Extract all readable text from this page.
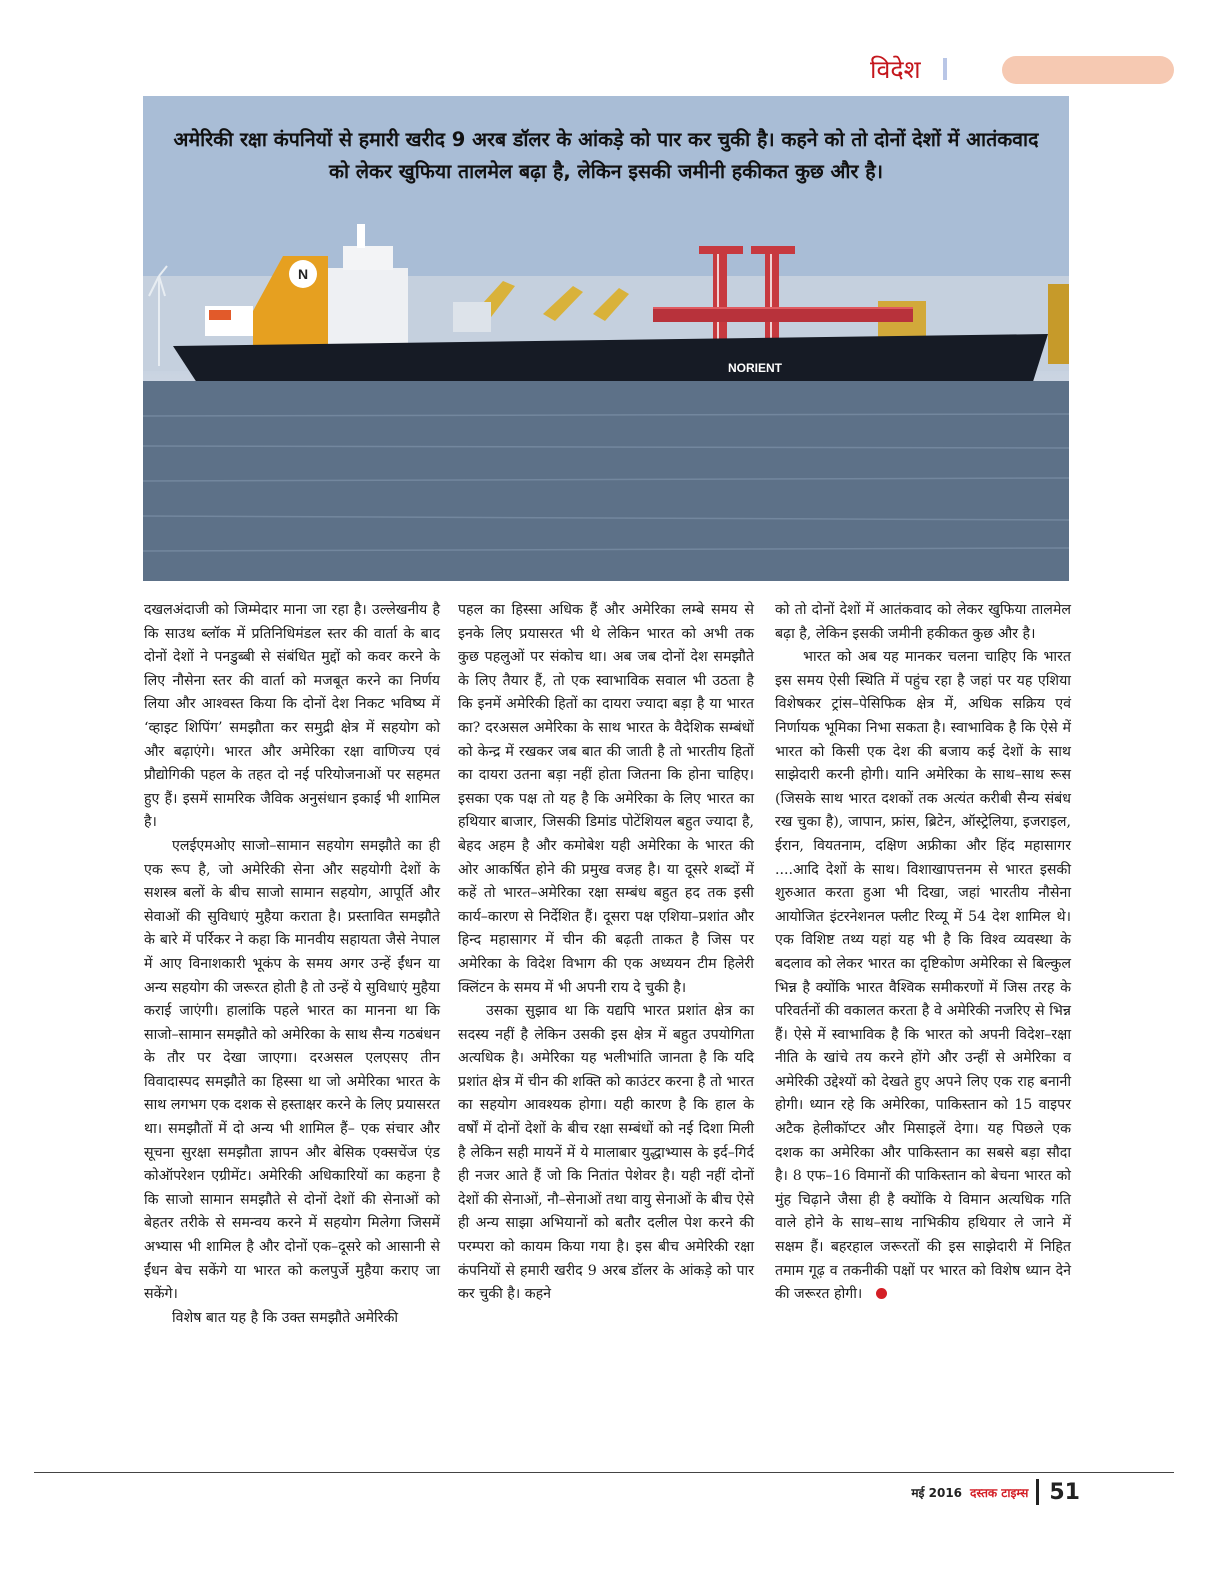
विदेश
N
NORIENT

अमेरिकी रक्षा कंपनियों से हमारी खरीद 9 अरब डॉलर के आंकड़े को पार कर चुकी है। कहने को तो दोनों देशों में आतंकवाद को लेकर खुफिया तालमेल बढ़ा है, लेकिन इसकी जमीनी हकीकत कुछ और है।

दखलअंदाजी को जिम्मेदार माना जा रहा है। उल्लेखनीय है कि साउथ ब्लॉक में प्रतिनिधिमंडल स्तर की वार्ता के बाद दोनों देशों ने पनडुब्बी से संबंधित मुद्दों को कवर करने के लिए नौसेना स्तर की वार्ता को मजबूत करने का निर्णय लिया और आश्वस्त किया कि दोनों देश निकट भविष्य में ‘व्हाइट शिपिंग’ समझौता कर समुद्री क्षेत्र में सहयोग को और बढ़ाएंगे। भारत और अमेरिका रक्षा वाणिज्य एवं प्रौद्योगिकी पहल के तहत दो नई परियोजनाओं पर सहमत हुए हैं। इसमें सामरिक जैविक अनुसंधान इकाई भी शामिल है।

एलईएमओए साजो–सामान सहयोग समझौते का ही एक रूप है, जो अमेरिकी सेना और सहयोगी देशों के सशस्त्र बलों के बीच साजो सामान सहयोग, आपूर्ति और सेवाओं की सुविधाएं मुहैया कराता है। प्रस्तावित समझौते के बारे में पर्रिकर ने कहा कि मानवीय सहायता जैसे नेपाल में आए विनाशकारी भूकंप के समय अगर उन्हें ईंधन या अन्य सहयोग की जरूरत होती है तो उन्हें ये सुविधाएं मुहैया कराई जाएंगी। हालांकि पहले भारत का मानना था कि साजो–सामान समझौते को अमेरिका के साथ सैन्य गठबंधन के तौर पर देखा जाएगा। दरअसल एलएसए तीन विवादास्पद समझौते का हिस्सा था जो अमेरिका भारत के साथ लगभग एक दशक से हस्ताक्षर करने के लिए प्रयासरत था। समझौतों में दो अन्य भी शामिल हैं– एक संचार और सूचना सुरक्षा समझौता ज्ञापन और बेसिक एक्सचेंज एंड कोऑपरेशन एग्रीमेंट। अमेरिकी अधिकारियों का कहना है कि साजो सामान समझौते से दोनों देशों की सेनाओं को बेहतर तरीके से समन्वय करने में सहयोग मिलेगा जिसमें अभ्यास भी शामिल है और दोनों एक–दूसरे को आसानी से ईंधन बेच सकेंगे या भारत को कलपुर्जे मुहैया कराए जा सकेंगे।

विशेष बात यह है कि उक्त समझौते अमेरिकी

पहल का हिस्सा अधिक हैं और अमेरिका लम्बे समय से इनके लिए प्रयासरत भी थे लेकिन भारत को अभी तक कुछ पहलुओं पर संकोच था। अब जब दोनों देश समझौते के लिए तैयार हैं, तो एक स्वाभाविक सवाल भी उठता है कि इनमें अमेरिकी हितों का दायरा ज्यादा बड़ा है या भारत का? दरअसल अमेरिका के साथ भारत के वैदेशिक सम्बंधों को केन्द्र में रखकर जब बात की जाती है तो भारतीय हितों का दायरा उतना बड़ा नहीं होता जितना कि होना चाहिए। इसका एक पक्ष तो यह है कि अमेरिका के लिए भारत का हथियार बाजार, जिसकी डिमांड पोटेंशियल बहुत ज्यादा है, बेहद अहम है और कमोबेश यही अमेरिका के भारत की ओर आकर्षित होने की प्रमुख वजह है। या दूसरे शब्दों में कहें तो भारत–अमेरिका रक्षा सम्बंध बहुत हद तक इसी कार्य–कारण से निर्देशित हैं। दूसरा पक्ष एशिया–प्रशांत और हिन्द महासागर में चीन की बढ़ती ताकत है जिस पर अमेरिका के विदेश विभाग की एक अध्ययन टीम हिलेरी क्लिंटन के समय में भी अपनी राय दे चुकी है।

उसका सुझाव था कि यद्यपि भारत प्रशांत क्षेत्र का सदस्य नहीं है लेकिन उसकी इस क्षेत्र में बहुत उपयोगिता अत्यधिक है। अमेरिका यह भलीभांति जानता है कि यदि प्रशांत क्षेत्र में चीन की शक्ति को काउंटर करना है तो भारत का सहयोग आवश्यक होगा। यही कारण है कि हाल के वर्षों में दोनों देशों के बीच रक्षा सम्बंधों को नई दिशा मिली है लेकिन सही मायनें में ये मालाबार युद्धाभ्यास के इर्द–गिर्द ही नजर आते हैं जो कि नितांत पेशेवर है। यही नहीं दोनों देशों की सेनाओं, नौ–सेनाओं तथा वायु सेनाओं के बीच ऐसे ही अन्य साझा अभियानों को बतौर दलील पेश करने की परम्परा को कायम किया गया है। इस बीच अमेरिकी रक्षा कंपनियों से हमारी खरीद 9 अरब डॉलर के आंकड़े को पार कर चुकी है। कहने

को तो दोनों देशों में आतंकवाद को लेकर खुफिया तालमेल बढ़ा है, लेकिन इसकी जमीनी हकीकत कुछ और है।

भारत को अब यह मानकर चलना चाहिए कि भारत इस समय ऐसी स्थिति में पहुंच रहा है जहां पर यह एशिया विशेषकर ट्रांस–पेसिफिक क्षेत्र में, अधिक सक्रिय एवं निर्णायक भूमिका निभा सकता है। स्वाभाविक है कि ऐसे में भारत को किसी एक देश की बजाय कई देशों के साथ साझेदारी करनी होगी। यानि अमेरिका के साथ–साथ रूस (जिसके साथ भारत दशकों तक अत्यंत करीबी सैन्य संबंध रख चुका है), जापान, फ्रांस, ब्रिटेन, ऑस्ट्रेलिया, इजराइल, ईरान, वियतनाम, दक्षिण अफ्रीका और हिंद महासागर ....आदि देशों के साथ। विशाखापत्तनम से भारत इसकी शुरुआत करता हुआ भी दिखा, जहां भारतीय नौसेना आयोजित इंटरनेशनल फ्लीट रिव्यू में 54 देश शामिल थे। एक विशिष्ट तथ्य यहां यह भी है कि विश्व व्यवस्था के बदलाव को लेकर भारत का दृष्टिकोण अमेरिका से बिल्कुल भिन्न है क्योंकि भारत वैश्विक समीकरणों में जिस तरह के परिवर्तनों की वकालत करता है वे अमेरिकी नजरिए से भिन्न हैं। ऐसे में स्वाभाविक है कि भारत को अपनी विदेश–रक्षा नीति के खांचे तय करने होंगे और उन्हीं से अमेरिका व अमेरिकी उद्देश्यों को देखते हुए अपने लिए एक राह बनानी होगी। ध्यान रहे कि अमेरिका, पाकिस्तान को 15 वाइपर अटैक हेलीकॉप्टर और मिसाइलें देगा। यह पिछले एक दशक का अमेरिका और पाकिस्तान का सबसे बड़ा सौदा है। 8 एफ–16 विमानों की पाकिस्तान को बेचना भारत को मुंह चिढ़ाने जैसा ही है क्योंकि ये विमान अत्यधिक गति वाले होने के साथ–साथ नाभिकीय हथियार ले जाने में सक्षम हैं। बहरहाल जरूरतों की इस साझेदारी में निहित तमाम गूढ़ व तकनीकी पक्षों पर भारत को विशेष ध्यान देने की जरूरत होगी।

मई 2016 दस्तक टाइम्स 51
